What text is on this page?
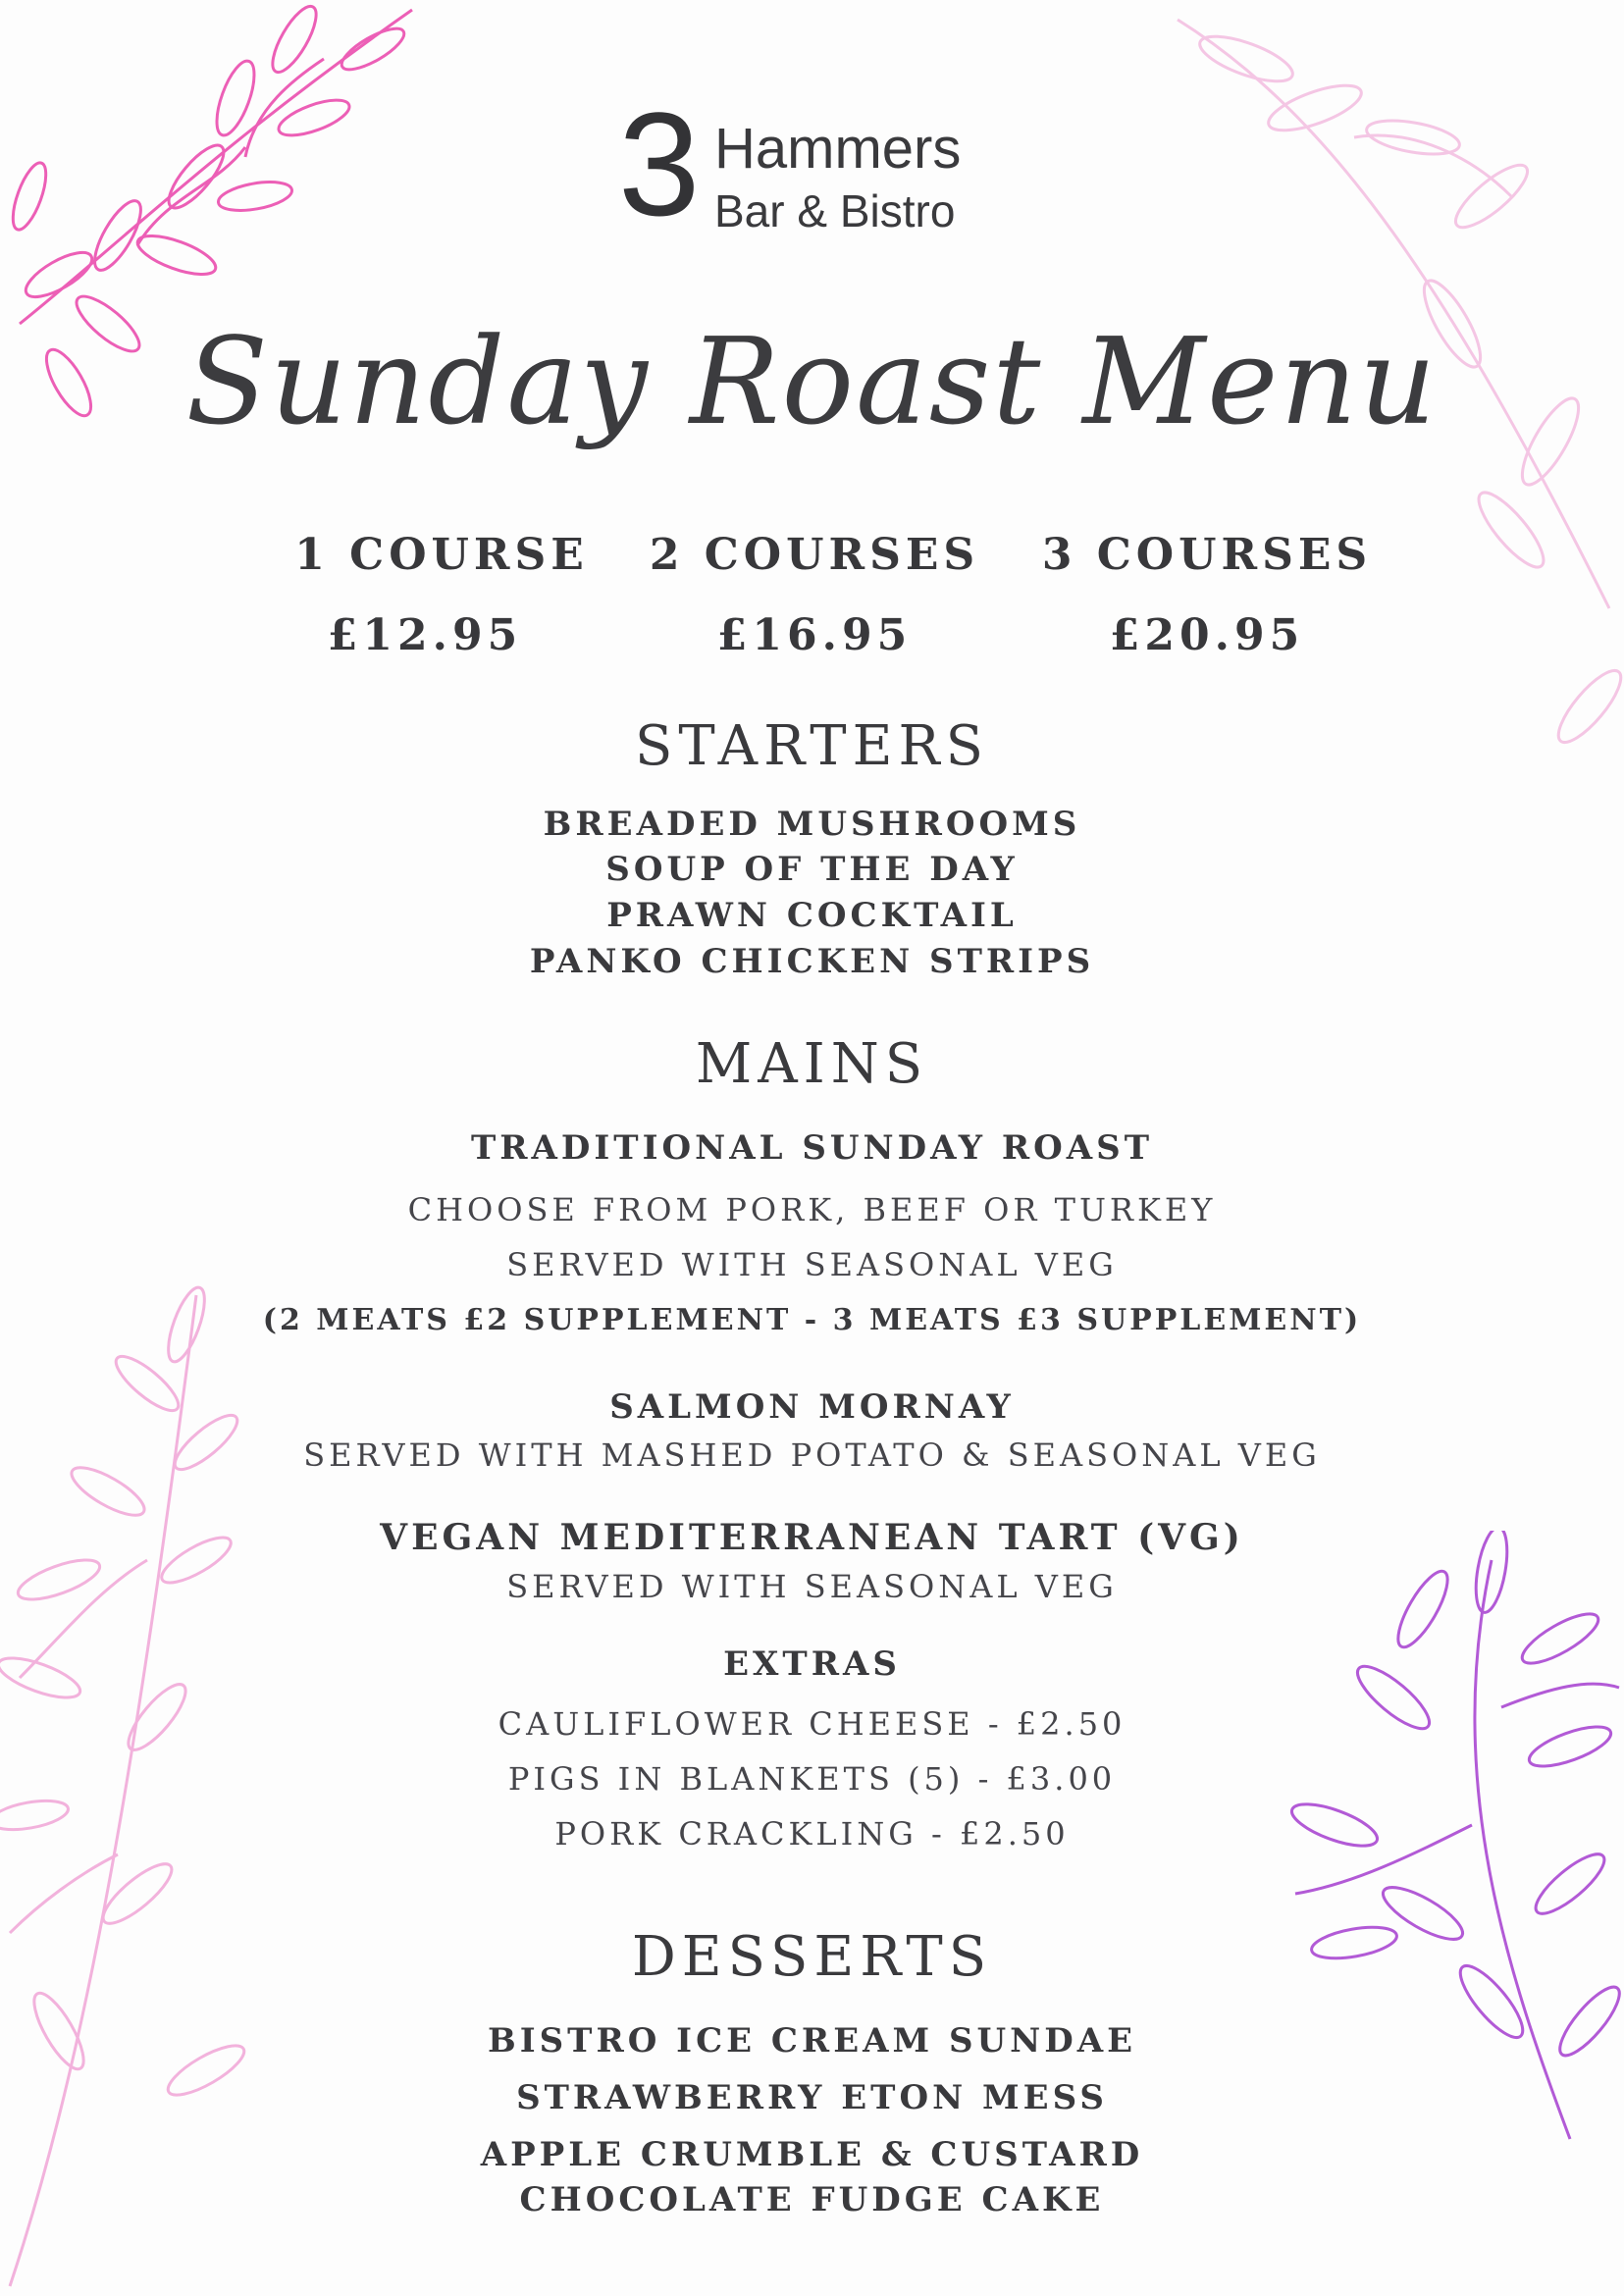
3 Hammers
Bar & Bistro
Sunday Roast Menu
1 COURSE	2 COURSES 3 COURSES
£12.95	£16.95	£20.95
STARTERS
BREADED MUSHROOMS
SOUP OF THE DAY
PRAWN COCKTAIL
PANKO CHICKEN STRIPS
MAINS
TRADITIONAL SUNDAY ROAST
CHOOSE FROM PORK, BEEF OR TURKEY
SERVED WITH SEASONAL VEG
(2 MEATS £2 SUPPLEMENT - 3 MEATS £3 SUPPLEMENT)
SALMON MORNAY
SERVED WITH MASHED POTATO & SEASONAL VEG
VEGAN MEDITERRANEAN TART (VG)
SERVED WITH SEASONAL VEG
EXTRAS
CAULIFLOWER CHEESE - £2.50
PIGS IN BLANKETS (5) - £3.00
PORK CRACKLING - £2.50
DESSERTS
BISTRO ICE CREAM SUNDAE
STRAWBERRY ETON MESS
APPLE CRUMBLE & CUSTARD
CHOCOLATE FUDGE CAKE
